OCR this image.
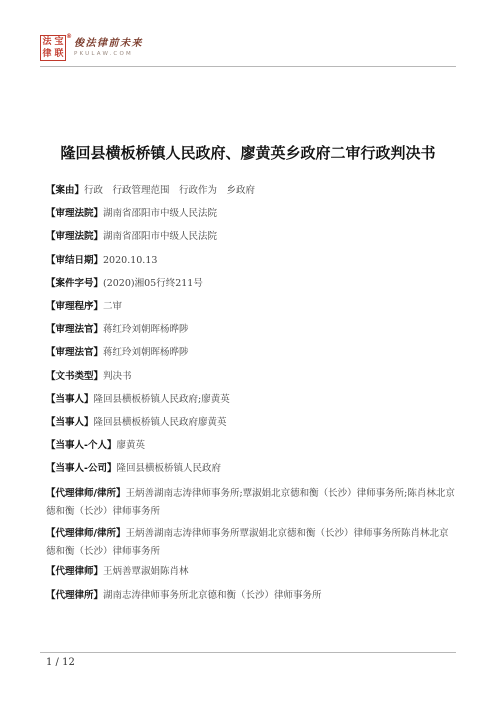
法 宝
律 联
®
俊法律前未来
PKULAW.COM
隆回县横板桥镇人民政府、廖黄英乡政府二审行政判决书

【案由】行政　行政管理范围　行政作为　乡政府

【审理法院】湖南省邵阳市中级人民法院

【审理法院】湖南省邵阳市中级人民法院

【审结日期】2020.10.13

【案件字号】(2020)湘05行终211号

【审理程序】二审

【审理法官】蒋红玲刘朝晖杨晔陟

【审理法官】蒋红玲刘朝晖杨晔陟

【文书类型】判决书

【当事人】隆回县横板桥镇人民政府;廖黄英

【当事人】隆回县横板桥镇人民政府廖黄英

【当事人-个人】廖黄英

【当事人-公司】隆回县横板桥镇人民政府

【代理律师/律所】王炳善湖南志涛律师事务所;覃淑娟北京德和衡（长沙）律师事务所;陈肖林北京德和衡（长沙）律师事务所

【代理律师/律所】王炳善湖南志涛律师事务所覃淑娟北京德和衡（长沙）律师事务所陈肖林北京德和衡（长沙）律师事务所

【代理律师】王炳善覃淑娟陈肖林

【代理律所】湖南志涛律师事务所北京德和衡（长沙）律师事务所

1 / 12
